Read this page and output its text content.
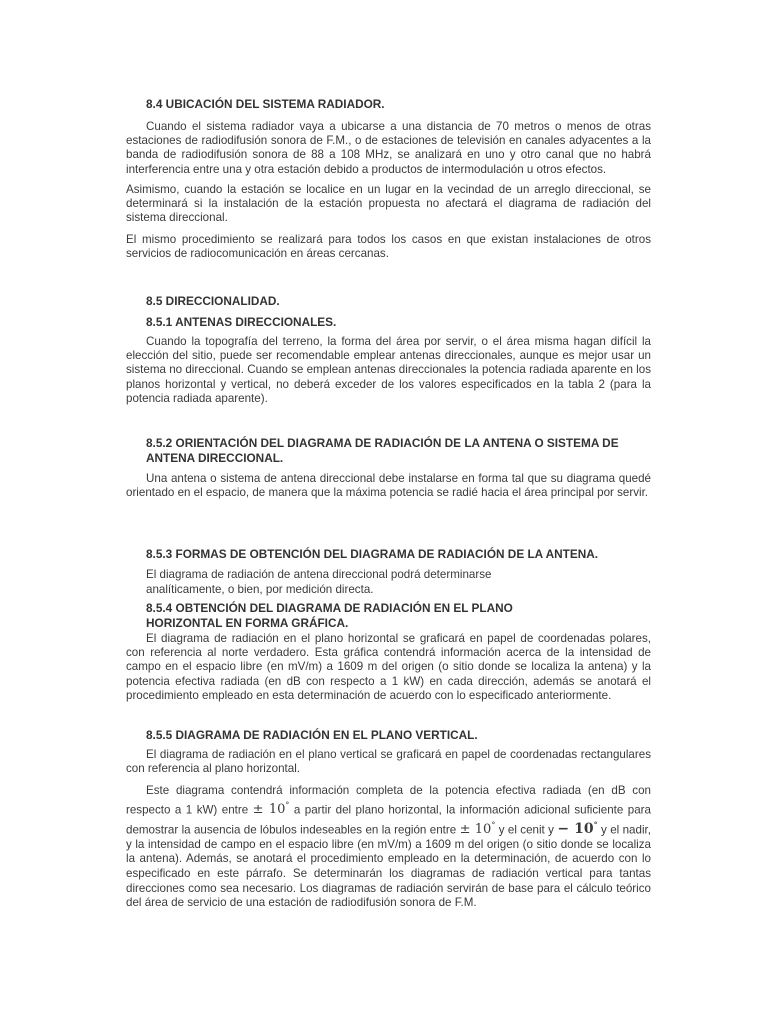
8.4 UBICACIÓN DEL SISTEMA RADIADOR.
Cuando el sistema radiador vaya a ubicarse a una distancia de 70 metros o menos de otras estaciones de radiodifusión sonora de F.M., o de estaciones de televisión en canales adyacentes a la banda de radiodifusión sonora de 88 a 108 MHz, se analizará en uno y otro canal que no habrá interferencia entre una y otra estación debido a productos de intermodulación u otros efectos.
Asimismo, cuando la estación se localice en un lugar en la vecindad de un arreglo direccional, se determinará si la instalación de la estación propuesta no afectará el diagrama de radiación del sistema direccional.
El mismo procedimiento se realizará para todos los casos en que existan instalaciones de otros servicios de radiocomunicación en áreas cercanas.
8.5 DIRECCIONALIDAD.
8.5.1 ANTENAS DIRECCIONALES.
Cuando la topografía del terreno, la forma del área por servir, o el área misma hagan difícil la elección del sitio, puede ser recomendable emplear antenas direccionales, aunque es mejor usar un sistema no direccional. Cuando se emplean antenas direccionales la potencia radiada aparente en los planos horizontal y vertical, no deberá exceder de los valores especificados en la tabla 2 (para la potencia radiada aparente).
8.5.2 ORIENTACIÓN DEL DIAGRAMA DE RADIACIÓN DE LA ANTENA O SISTEMA DE
ANTENA DIRECCIONAL.
Una antena o sistema de antena direccional debe instalarse en forma tal que su diagrama quedé orientado en el espacio, de manera que la máxima potencia se radié hacia el área principal por servir.
8.5.3 FORMAS DE OBTENCIÓN DEL DIAGRAMA DE RADIACIÓN DE LA ANTENA.
El diagrama de radiación de antena direccional podrá determinarse
analíticamente, o bien, por medición directa.
8.5.4 OBTENCIÓN DEL DIAGRAMA DE RADIACIÓN EN EL PLANO
HORIZONTAL EN FORMA GRÁFICA.
El diagrama de radiación en el plano horizontal se graficará en papel de coordenadas polares, con referencia al norte verdadero. Esta gráfica contendrá información acerca de la intensidad de campo en el espacio libre (en mV/m) a 1609 m del origen (o sitio donde se localiza la antena) y la potencia efectiva radiada (en dB con respecto a 1 kW) en cada dirección, además se anotará el procedimiento empleado en esta determinación de acuerdo con lo especificado anteriormente.
8.5.5 DIAGRAMA DE RADIACIÓN EN EL PLANO VERTICAL.
El diagrama de radiación en el plano vertical se graficará en papel de coordenadas rectangulares con referencia al plano horizontal.
Este diagrama contendrá información completa de la potencia efectiva radiada (en dB con respecto a 1 kW) entre ± 10° a partir del plano horizontal, la información adicional suficiente para demostrar la ausencia de lóbulos indeseables en la región entre ± 10° y el cenit y − 10° y el nadir, y la intensidad de campo en el espacio libre (en mV/m) a 1609 m del origen (o sitio donde se localiza la antena). Además, se anotará el procedimiento empleado en la determinación, de acuerdo con lo especificado en este párrafo. Se determinarán los diagramas de radiación vertical para tantas direcciones como sea necesario. Los diagramas de radiación servirán de base para el cálculo teórico del área de servicio de una estación de radiodifusión sonora de F.M.
